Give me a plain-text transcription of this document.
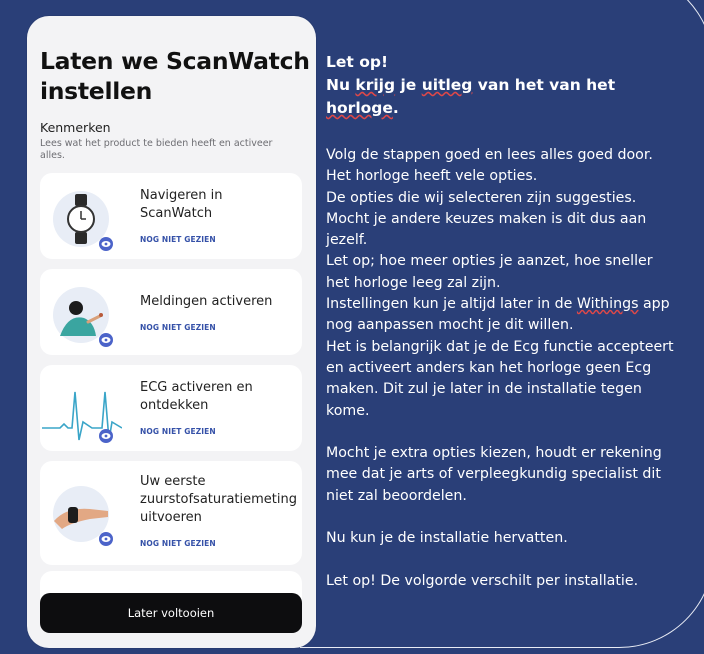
Laten we ScanWatch instellen
Kenmerken
Lees wat het product te bieden heeft en activeer alles.
Navigeren in ScanWatch
NOG NIET GEZIEN
Meldingen activeren
NOG NIET GEZIEN
ECG activeren en ontdekken
NOG NIET GEZIEN
Uw eerste zuurstofsaturatiemeting uitvoeren
NOG NIET GEZIEN
Later voltooien
Let op!
Nu krijg je uitleg van het van het
horloge.

Volg de stappen goed en lees alles goed door.

Het horloge heeft vele opties.

De opties die wij selecteren zijn suggesties.

Mocht je andere keuzes maken is dit dus aan

jezelf.

Let op; hoe meer opties je aanzet, hoe sneller

het horloge leeg zal zijn.

Instellingen kun je altijd later in de Withings app

nog aanpassen mocht je dit willen.

Het is belangrijk dat je de Ecg functie accepteert

en activeert anders kan het horloge geen Ecg

maken. Dit zul je later in de installatie tegen

kome.

Mocht je extra opties kiezen, houdt er rekening

mee dat je arts of verpleegkundig specialist dit

niet zal beoordelen.

Nu kun je de installatie hervatten.

Let op! De volgorde verschilt per installatie.
